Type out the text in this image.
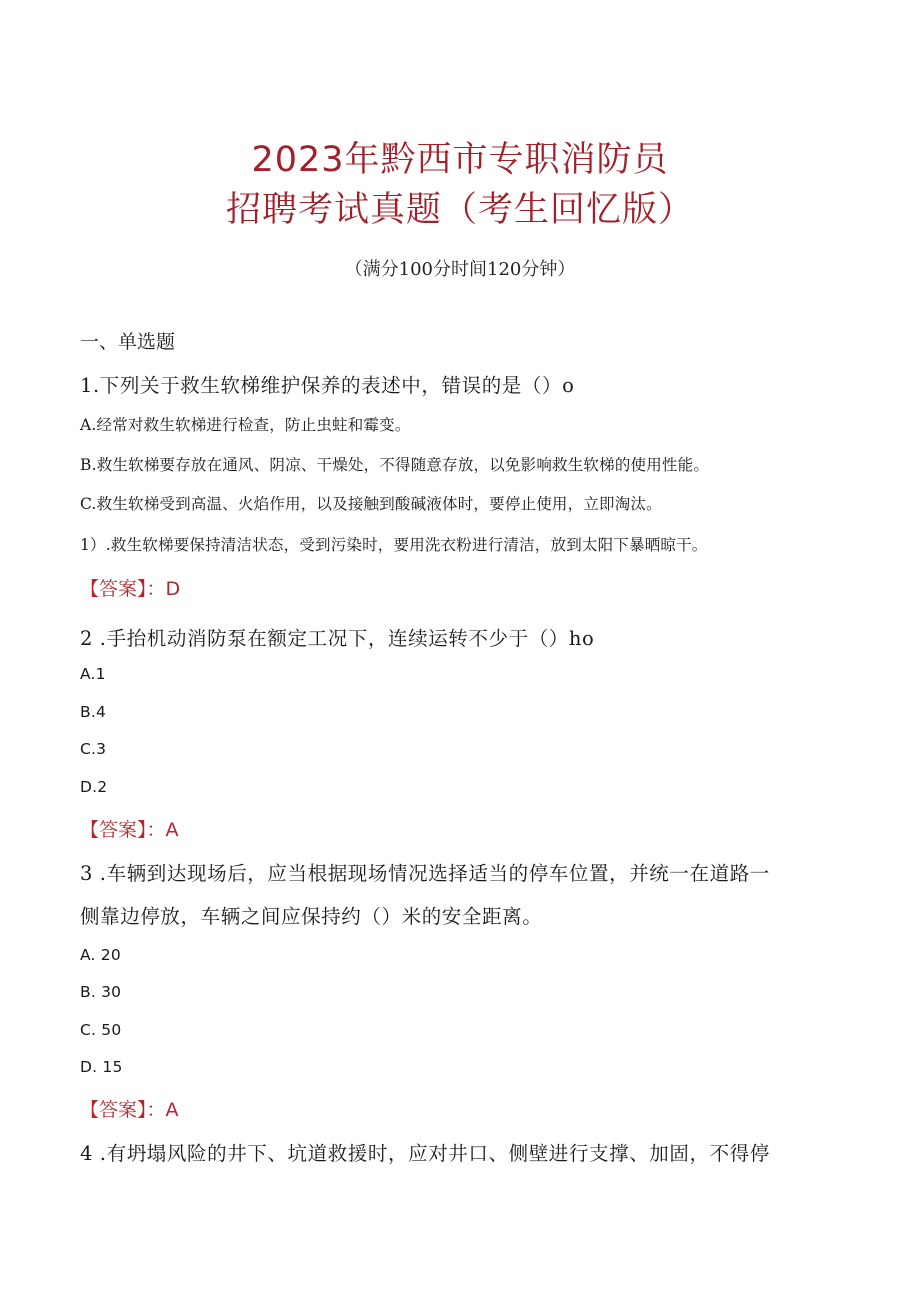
2023年黔西市专职消防员
招聘考试真题（考生回忆版）
（满分100分时间120分钟）
一、单选题
1.下列关于救生软梯维护保养的表述中，错误的是（）o
A.经常对救生软梯进行检查，防止虫蛀和霉变。
B.救生软梯要存放在通风、阴凉、干燥处，不得随意存放，以免影响救生软梯的使用性能。
C.救生软梯受到高温、火焰作用，以及接触到酸碱液体时，要停止使用，立即淘汰。
1）.救生软梯要保持清洁状态，受到污染时，要用洗衣粉进行清洁，放到太阳下暴晒晾干。
【答案】：D
2 .手抬机动消防泵在额定工况下，连续运转不少于（）ho
A.1
B.4
C.3
D.2
【答案】：A
3 .车辆到达现场后，应当根据现场情况选择适当的停车位置，并统一在道路一
侧靠边停放，车辆之间应保持约（）米的安全距离。
A. 20
B. 30
C. 50
D. 15
【答案】：A
4 .有坍塌风险的井下、坑道救援时，应对井口、侧壁进行支撑、加固，不得停
